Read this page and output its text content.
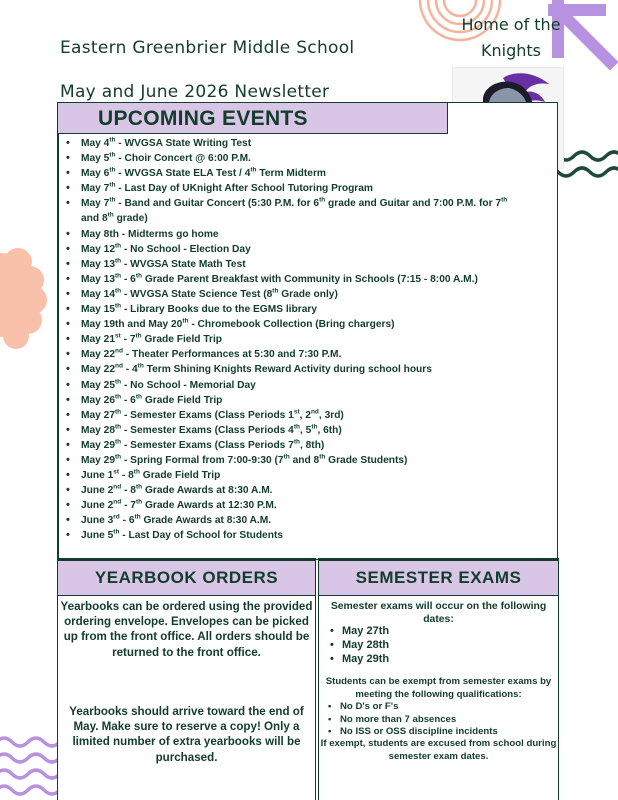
Eastern Greenbrier Middle School
May and June 2026 Newsletter
Home of the
Knights
UPCOMING EVENTS
• May 4th - WVGSA State Writing Test
• May 5th - Choir Concert @ 6:00 P.M.
• May 6th - WVGSA State ELA Test / 4th Term Midterm
• May 7th - Last Day of UKnight After School Tutoring Program
• May 7th - Band and Guitar Concert (5:30 P.M. for 6th grade and Guitar and 7:00 P.M. for 7th and 8th grade)
• May 8th - Midterms go home
• May 12th - No School - Election Day
• May 13th - WVGSA State Math Test
• May 13th - 6th Grade Parent Breakfast with Community in Schools (7:15 - 8:00 A.M.)
• May 14th - WVGSA State Science Test (8th Grade only)
• May 15th - Library Books due to the EGMS library
• May 19th and May 20th - Chromebook Collection (Bring chargers)
• May 21st - 7th Grade Field Trip
• May 22nd - Theater Performances at 5:30 and 7:30 P.M.
• May 22nd - 4th Term Shining Knights Reward Activity during school hours
• May 25th - No School - Memorial Day
• May 26th - 6th Grade Field Trip
• May 27th - Semester Exams (Class Periods 1st, 2nd, 3rd)
• May 28th - Semester Exams (Class Periods 4th, 5th, 6th)
• May 29th - Semester Exams (Class Periods 7th, 8th)
• May 29th - Spring Formal from 7:00-9:30 (7th and 8th Grade Students)
• June 1st - 8th Grade Field Trip
• June 2nd - 8th Grade Awards at 8:30 A.M.
• June 2nd - 7th Grade Awards at 12:30 P.M.
• June 3rd - 6th Grade Awards at 8:30 A.M.
• June 5th - Last Day of School for Students
YEARBOOK ORDERS

Yearbooks can be ordered using the provided ordering envelope. Envelopes can be picked up from the front office. All orders should be returned to the front office.

Yearbooks should arrive toward the end of May. Make sure to reserve a copy! Only a limited number of extra yearbooks will be purchased.

SEMESTER EXAMS

Semester exams will occur on the following dates:

• May 27th
• May 28th
• May 29th

Students can be exempt from semester exams by meeting the following qualifications:

• No D's or F's
• No more than 7 absences
• No ISS or OSS discipline incidents

If exempt, students are excused from school during semester exam dates.
